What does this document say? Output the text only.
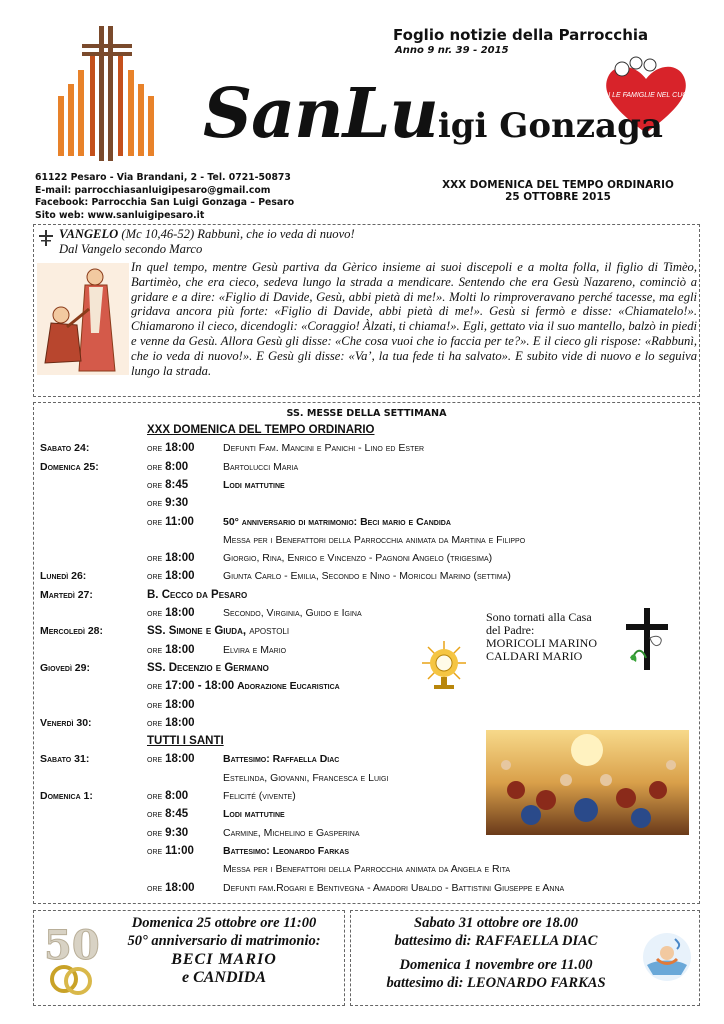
Foglio notizie della Parrocchia
Anno 9 nr. 39 - 2015
CON LE FAMIGLIE NEL CUORE
SanLuigi Gonzaga
61122 Pesaro - Via Brandani, 2 - Tel. 0721-50873
E-mail: parrocchiasanluigipesaro@gmail.com
Facebook: Parrocchia San Luigi Gonzaga – Pesaro
Sito web: www.sanluigipesaro.it
XXX DOMENICA DEL TEMPO ORDINARIO
25 OTTOBRE 2015
VANGELO (Mc 10,46-52) Rabbunì, che io veda di nuovo!
Dal Vangelo secondo Marco
In quel tempo, mentre Gesù partiva da Gèrico insieme ai suoi discepoli e a molta folla, il figlio di Timèo, Bartimèo, che era cieco, sedeva lungo la strada a mendicare. Sentendo che era Gesù Nazareno, cominciò a gridare e a dire: «Figlio di Davide, Gesù, abbi pietà di me!». Molti lo rimproveravano perché tacesse, ma egli gridava ancora più forte: «Figlio di Davide, abbi pietà di me!». Gesù si fermò e disse: «Chiamatelo!». Chiamarono il cieco, dicendogli: «Coraggio! Àlzati, ti chiama!». Egli, gettato via il suo mantello, balzò in piedi e venne da Gesù. Allora Gesù gli disse: «Che cosa vuoi che io faccia per te?». E il cieco gli rispose: «Rabbunì, che io veda di nuovo!». E Gesù gli disse: «Va’, la tua fede ti ha salvato». E subito vide di nuovo e lo seguiva lungo la strada.
SS. MESSE DELLA SETTIMANA
XXX DOMENICA DEL TEMPO ORDINARIO
Sabato 24:	ore 18:00	Defunti Fam. Mancini e Panichi - Lino ed Ester
Domenica 25:	ore 8:00	Bartolucci Maria
ore 8:45	Lodi mattutine
ore 9:30
ore 11:00	50° anniversario di matrimonio: Beci mario e Candida
Messa per i Benefattori della Parrocchia animata da Martina e Filippo
ore 18:00	Giorgio, Rina, Enrico e Vincenzo - Pagnoni Angelo (trigesima)
Lunedì 26:	ore 18:00	Giunta Carlo - Emilia, Secondo e Nino - Moricoli Marino (settima)
Martedì 27:	B. Cecco da Pesaro
ore 18:00	Secondo, Virginia, Guido e Igina
Mercoledì 28:	SS. Simone e Giuda, apostoli
ore 18:00	Elvira e Mario
Giovedì 29:	SS. Decenzio e Germano
ore 17:00 - 18:00 Adorazione Eucaristica
ore 18:00
Venerdì 30:	ore 18:00
TUTTI I SANTI
Sabato 31:	ore 18:00	Battesimo: Raffaella Diac
Estelinda, Giovanni, Francesca e Luigi
Domenica 1:	ore 8:00	Felicité (vivente)
ore 8:45	Lodi mattutine
ore 9:30	Carmine, Michelino e Gasperina
ore 11:00	Battesimo: Leonardo Farkas
Messa per i Benefattori della Parrocchia animata da Angela e Rita
ore 18:00	Defunti fam.Rogari e Bentivegna - Amadori Ubaldo - Battistini Giuseppe e Anna
Sono tornati alla Casa
del Padre:
MORICOLI MARINO
CALDARI MARIO
50	Domenica 25 ottobre ore 11:00
50° anniversario di matrimonio:
BECI MARIO
e CANDIDA
Sabato 31 ottobre ore 18.00
battesimo di: RAFFAELLA DIAC
Domenica 1 novembre ore 11.00
battesimo di: LEONARDO FARKAS
